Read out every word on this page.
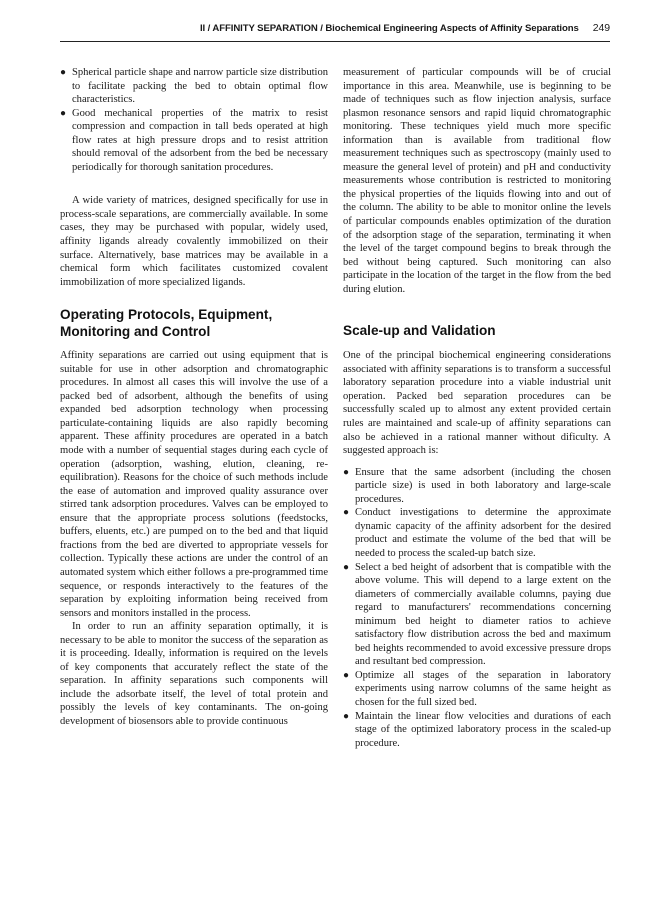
II / AFFINITY SEPARATION / Biochemical Engineering Aspects of Affinity Separations 249
● Spherical particle shape and narrow particle size distribution to facilitate packing the bed to obtain optimal flow characteristics.
● Good mechanical properties of the matrix to resist compression and compaction in tall beds operated at high flow rates at high pressure drops and to resist attrition should removal of the adsorbent from the bed be necessary periodically for thorough sanitation procedures.

A wide variety of matrices, designed specifically for use in process-scale separations, are commercially available. In some cases, they may be purchased with popular, widely used, affinity ligands already covalently immobilized on their surface. Alternatively, base matrices may be available in a chemical form which facilitates customized covalent immobilization of more specialized ligands.

Operating Protocols, Equipment, Monitoring and Control

Affinity separations are carried out using equipment that is suitable for use in other adsorption and chromatographic procedures. In almost all cases this will involve the use of a packed bed of adsorbent, although the benefits of using expanded bed adsorption technology when processing particulate-containing liquids are also rapidly becoming apparent. These affinity procedures are operated in a batch mode with a number of sequential stages during each cycle of operation (adsorption, washing, elution, cleaning, re-equilibration). Reasons for the choice of such methods include the ease of automation and improved quality assurance over stirred tank adsorption procedures. Valves can be employed to ensure that the appropriate process solutions (feedstocks, buffers, eluents, etc.) are pumped on to the bed and that liquid fractions from the bed are diverted to appropriate vessels for collection. Typically these actions are under the control of an automated system which either follows a pre-programmed time sequence, or responds interactively to the features of the separation by exploiting information being received from sensors and monitors installed in the process.

In order to run an affinity separation optimally, it is necessary to be able to monitor the success of the separation as it is proceeding. Ideally, information is required on the levels of key components that accurately reflect the state of the separation. In affinity separations such components will include the adsorbate itself, the level of total protein and possibly the levels of key contaminants. The on-going development of biosensors able to provide continuous

measurement of particular compounds will be of crucial importance in this area. Meanwhile, use is beginning to be made of techniques such as flow injection analysis, surface plasmon resonance sensors and rapid liquid chromatographic monitoring. These techniques yield much more specific information than is available from traditional flow measurement techniques such as spectroscopy (mainly used to measure the general level of protein) and pH and conductivity measurements whose contribution is restricted to monitoring the physical properties of the liquids flowing into and out of the column. The ability to be able to monitor online the levels of particular compounds enables optimization of the duration of the adsorption stage of the separation, terminating it when the level of the target compound begins to break through the bed without being captured. Such monitoring can also participate in the location of the target in the flow from the bed during elution.

Scale-up and Validation

One of the principal biochemical engineering considerations associated with affinity separations is to transform a successful laboratory separation procedure into a viable industrial unit operation. Packed bed separation procedures can be successfully scaled up to almost any extent provided certain rules are maintained and scale-up of affinity separations can also be achieved in a rational manner without dificulty. A suggested approach is:

● Ensure that the same adsorbent (including the chosen particle size) is used in both laboratory and large-scale procedures.
● Conduct investigations to determine the approximate dynamic capacity of the affinity adsorbent for the desired product and estimate the volume of the bed that will be needed to process the scaled-up batch size.
● Select a bed height of adsorbent that is compatible with the above volume. This will depend to a large extent on the diameters of commercially available columns, paying due regard to manufacturers' recommendations concerning minimum bed height to diameter ratios to achieve satisfactory flow distribution across the bed and maximum bed heights recommended to avoid excessive pressure drops and resultant bed compression.
● Optimize all stages of the separation in laboratory experiments using narrow columns of the same height as chosen for the full sized bed.
● Maintain the linear flow velocities and durations of each stage of the optimized laboratory process in the scaled-up procedure.
